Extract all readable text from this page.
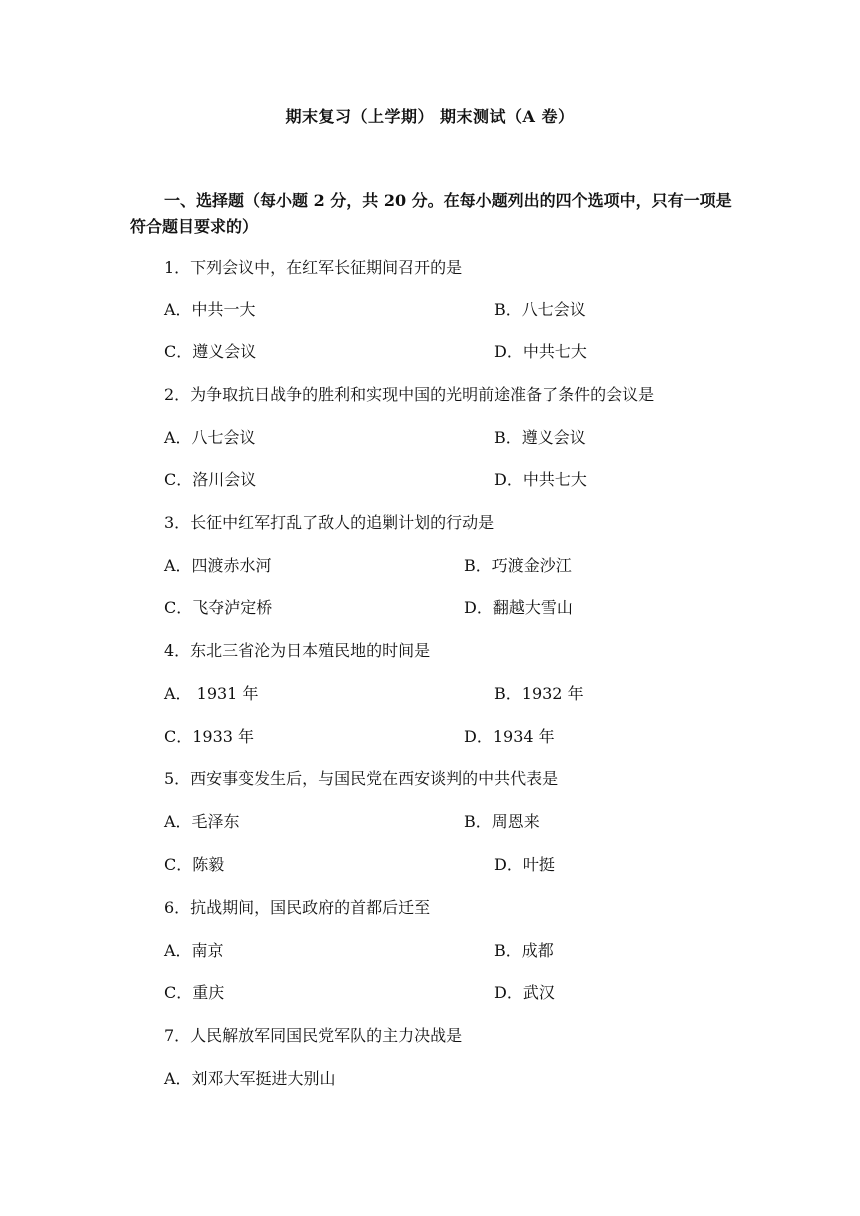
期末复习（上学期） 期末测试（A 卷）
一、选择题（每小题 2 分，共 20 分。在每小题列出的四个选项中，只有一项是符合题目要求的）
1．下列会议中，在红军长征期间召开的是
A．中共一大	B．八七会议
C．遵义会议	D．中共七大
2．为争取抗日战争的胜利和实现中国的光明前途准备了条件的会议是
A．八七会议	B．遵义会议
C．洛川会议	D．中共七大
3．长征中红军打乱了敌人的追剿计划的行动是
A．四渡赤水河	B．巧渡金沙江
C．飞夺泸定桥	D．翻越大雪山
4．东北三省沦为日本殖民地的时间是
A． 1931 年	B．1932 年
C．1933 年	D．1934 年
5．西安事变发生后，与国民党在西安谈判的中共代表是
A．毛泽东	B．周恩来
C．陈毅	D．叶挺
6．抗战期间，国民政府的首都后迁至
A．南京	B．成都
C．重庆	D．武汉
7．人民解放军同国民党军队的主力决战是
A．刘邓大军挺进大别山
